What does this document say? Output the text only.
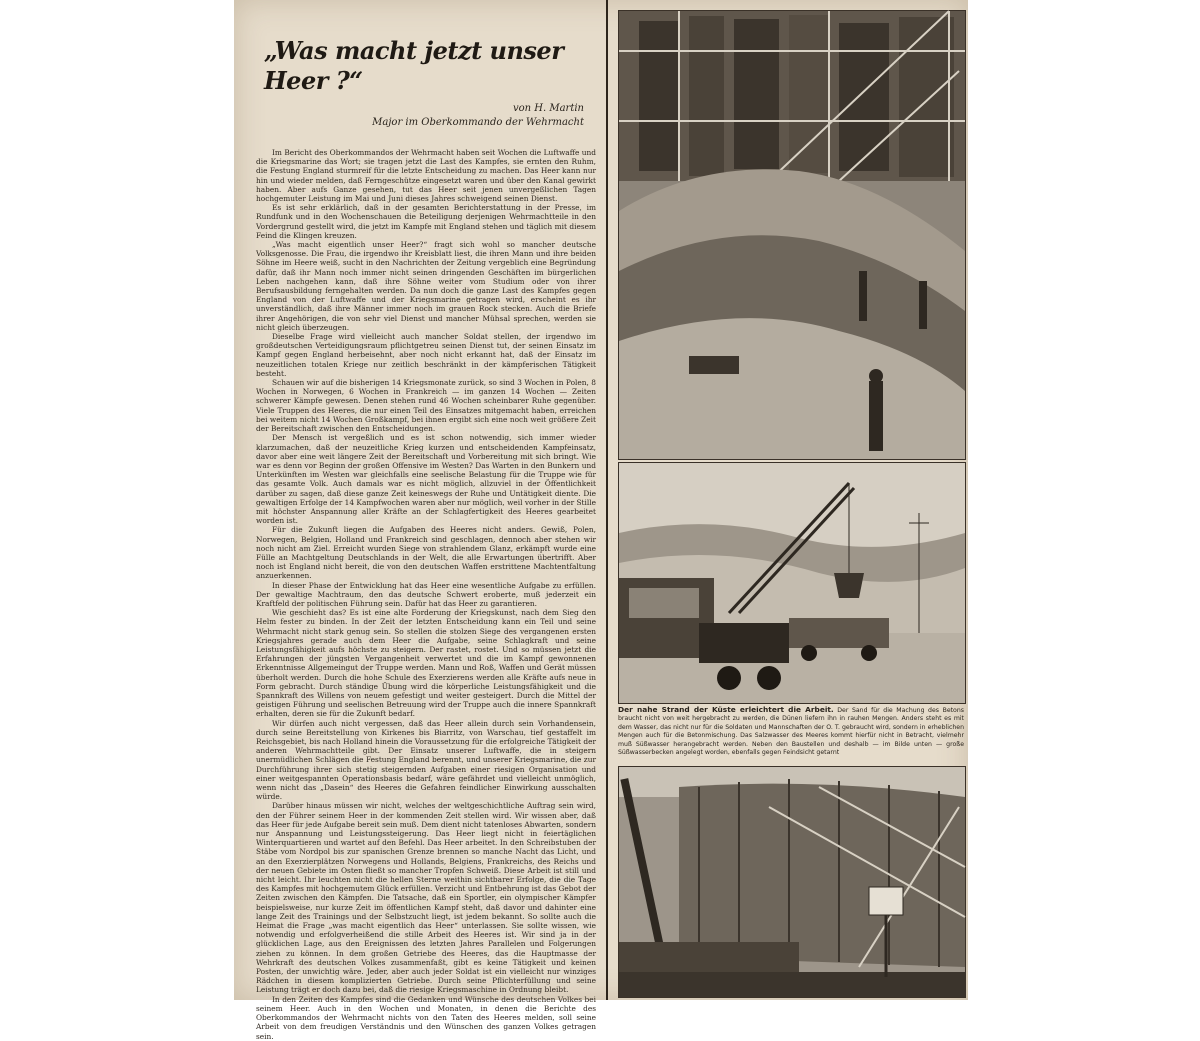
„Was macht jetzt unser Heer ?“
von H. Martin
Major im Oberkommando der Wehrmacht

Im Bericht des Oberkommandos der Wehrmacht haben seit Wochen die Luftwaffe und die Kriegsmarine das Wort; sie tragen jetzt die Last des Kampfes, sie ernten den Ruhm, die Festung England sturmreif für die letzte Entscheidung zu machen. Das Heer kann nur hin und wieder melden, daß Ferngeschütze eingesetzt waren und über den Kanal gewirkt haben. Aber aufs Ganze gesehen, tut das Heer seit jenen unvergeßlichen Tagen hochgemuter Leistung im Mai und Juni dieses Jahres schweigend seinen Dienst.

Es ist sehr erklärlich, daß in der gesamten Berichterstattung in der Presse, im Rundfunk und in den Wochenschauen die Beteiligung derjenigen Wehrmachtteile in den Vordergrund gestellt wird, die jetzt im Kampfe mit England stehen und täglich mit diesem Feind die Klingen kreuzen.

„Was macht eigentlich unser Heer?“ fragt sich wohl so mancher deutsche Volksgenosse. Die Frau, die irgendwo ihr Kreisblatt liest, die ihren Mann und ihre beiden Söhne im Heere weiß, sucht in den Nachrichten der Zeitung vergeblich eine Begründung dafür, daß ihr Mann noch immer nicht seinen dringenden Geschäften im bürgerlichen Leben nachgehen kann, daß ihre Söhne weiter vom Studium oder von ihrer Berufsausbildung ferngehalten werden. Da nun doch die ganze Last des Kampfes gegen England von der Luftwaffe und der Kriegsmarine getragen wird, erscheint es ihr unverständlich, daß ihre Männer immer noch im grauen Rock stecken. Auch die Briefe ihrer Angehörigen, die von sehr viel Dienst und mancher Mühsal sprechen, werden sie nicht gleich überzeugen.

Dieselbe Frage wird vielleicht auch mancher Soldat stellen, der irgendwo im großdeutschen Verteidigungsraum pflichtgetreu seinen Dienst tut, der seinen Einsatz im Kampf gegen England herbeisehnt, aber noch nicht erkannt hat, daß der Einsatz im neuzeitlichen totalen Kriege nur zeitlich beschränkt in der kämpferischen Tätigkeit besteht.

Schauen wir auf die bisherigen 14 Kriegsmonate zurück, so sind 3 Wochen in Polen, 8 Wochen in Norwegen, 6 Wochen in Frankreich — im ganzen 14 Wochen — Zeiten schwerer Kämpfe gewesen. Denen stehen rund 46 Wochen scheinbarer Ruhe gegenüber. Viele Truppen des Heeres, die nur einen Teil des Einsatzes mitgemacht haben, erreichen bei weitem nicht 14 Wochen Großkampf, bei ihnen ergibt sich eine noch weit größere Zeit der Bereitschaft zwischen den Entscheidungen.

Der Mensch ist vergeßlich und es ist schon notwendig, sich immer wieder klarzumachen, daß der neuzeitliche Krieg kurzen und entscheidenden Kampfeinsatz, davor aber eine weit längere Zeit der Bereitschaft und Vorbereitung mit sich bringt. Wie war es denn vor Beginn der großen Offensive im Westen? Das Warten in den Bunkern und Unterkünften im Westen war gleichfalls eine seelische Belastung für die Truppe wie für das gesamte Volk. Auch damals war es nicht möglich, allzuviel in der Öffentlichkeit darüber zu sagen, daß diese ganze Zeit keineswegs der Ruhe und Untätigkeit diente. Die gewaltigen Erfolge der 14 Kampfwochen waren aber nur möglich, weil vorher in der Stille mit höchster Anspannung aller Kräfte an der Schlagfertigkeit des Heeres gearbeitet worden ist.

Für die Zukunft liegen die Aufgaben des Heeres nicht anders. Gewiß, Polen, Norwegen, Belgien, Holland und Frankreich sind geschlagen, dennoch aber stehen wir noch nicht am Ziel. Erreicht wurden Siege von strahlendem Glanz, erkämpft wurde eine Fülle an Machtgeltung Deutschlands in der Welt, die alle Erwartungen übertrifft. Aber noch ist England nicht bereit, die von den deutschen Waffen erstrittene Machtentfaltung anzuerkennen.

In dieser Phase der Entwicklung hat das Heer eine wesentliche Aufgabe zu erfüllen. Der gewaltige Machtraum, den das deutsche Schwert eroberte, muß jederzeit ein Kraftfeld der politischen Führung sein. Dafür hat das Heer zu garantieren.

Wie geschieht das? Es ist eine alte Forderung der Kriegskunst, nach dem Sieg den Helm fester zu binden. In der Zeit der letzten Entscheidung kann ein Teil und seine Wehrmacht nicht stark genug sein. So stellen die stolzen Siege des vergangenen ersten Kriegsjahres gerade auch dem Heer die Aufgabe, seine Schlagkraft und seine Leistungsfähigkeit aufs höchste zu steigern. Der rastet, rostet. Und so müssen jetzt die Erfahrungen der jüngsten Vergangenheit verwertet und die im Kampf gewonnenen Erkenntnisse Allgemeingut der Truppe werden. Mann und Roß, Waffen und Gerät müssen überholt werden. Durch die hohe Schule des Exerzierens werden alle Kräfte aufs neue in Form gebracht. Durch ständige Übung wird die körperliche Leistungsfähigkeit und die Spannkraft des Willens von neuem gefestigt und weiter gesteigert. Durch die Mittel der geistigen Führung und seelischen Betreuung wird der Truppe auch die innere Spannkraft erhalten, deren sie für die Zukunft bedarf.

Wir dürfen auch nicht vergessen, daß das Heer allein durch sein Vorhandensein, durch seine Bereitstellung von Kirkenes bis Biarritz, von Warschau, tief gestaffelt im Reichsgebiet, bis nach Holland hinein die Voraussetzung für die erfolgreiche Tätigkeit der anderen Wehrmachtteile gibt. Der Einsatz unserer Luftwaffe, die in steigern unermüdlichen Schlägen die Festung England berennt, und unserer Kriegsmarine, die zur Durchführung ihrer sich stetig steigernden Aufgaben einer riesigen Organisation und einer weitgespannten Operationsbasis bedarf, wäre gefährdet und vielleicht unmöglich, wenn nicht das „Dasein“ des Heeres die Gefahren feindlicher Einwirkung ausschalten würde.

Darüber hinaus müssen wir nicht, welches der weltgeschichtliche Auftrag sein wird, den der Führer seinem Heer in der kommenden Zeit stellen wird. Wir wissen aber, daß das Heer für jede Aufgabe bereit sein muß. Dem dient nicht tatenloses Abwarten, sondern nur Anspannung und Leistungssteigerung. Das Heer liegt nicht in feiertäglichen Winterquartieren und wartet auf den Befehl. Das Heer arbeitet. In den Schreibstuben der Stäbe vom Nordpol bis zur spanischen Grenze brennen so manche Nacht das Licht, und an den Exerzierplätzen Norwegens und Hollands, Belgiens, Frankreichs, des Reichs und der neuen Gebiete im Osten fließt so mancher Tropfen Schweiß. Diese Arbeit ist still und nicht leicht. Ihr leuchten nicht die hellen Sterne weithin sichtbarer Erfolge, die die Tage des Kampfes mit hochgemutem Glück erfüllen. Verzicht und Entbehrung ist das Gebot der Zeiten zwischen den Kämpfen. Die Tatsache, daß ein Sportler, ein olympischer Kämpfer beispielsweise, nur kurze Zeit im öffentlichen Kampf steht, daß davor und dahinter eine lange Zeit des Trainings und der Selbstzucht liegt, ist jedem bekannt. So sollte auch die Heimat die Frage „was macht eigentlich das Heer“ unterlassen. Sie sollte wissen, wie notwendig und erfolgverheißend die stille Arbeit des Heeres ist. Wir sind ja in der glücklichen Lage, aus den Ereignissen des letzten Jahres Parallelen und Folgerungen ziehen zu können. In dem großen Getriebe des Heeres, das die Hauptmasse der Wehrkraft des deutschen Volkes zusammenfaßt, gibt es keine Tätigkeit und keinen Posten, der unwichtig wäre. Jeder, aber auch jeder Soldat ist ein vielleicht nur winziges Rädchen in diesem komplizierten Getriebe. Durch seine Pflichterfüllung und seine Leistung trägt er doch dazu bei, daß die riesige Kriegsmaschine in Ordnung bleibt.

In den Zeiten des Kampfes sind die Gedanken und Wünsche des deutschen Volkes bei seinem Heer. Auch in den Wochen und Monaten, in denen die Berichte des Oberkommandos der Wehrmacht nichts von den Taten des Heeres melden, soll seine Arbeit von dem freudigen Verständnis und den Wünschen des ganzen Volkes getragen sein.

Der nahe Strand der Küste erleichtert die Arbeit. Der Sand für die Machung des Betons braucht nicht von weit hergebracht zu werden, die Dünen liefern ihn in rauhen Mengen. Anders steht es mit dem Wasser, das nicht nur für die Soldaten und Mannschaften der O. T. gebraucht wird, sondern in erheblichen Mengen auch für die Betonmischung. Das Salzwasser des Meeres kommt hierfür nicht in Betracht, vielmehr muß Süßwasser herangebracht werden. Neben den Baustellen und deshalb — im Bilde unten — große Süßwasserbecken angelegt worden, ebenfalls gegen Feindsicht getarnt
